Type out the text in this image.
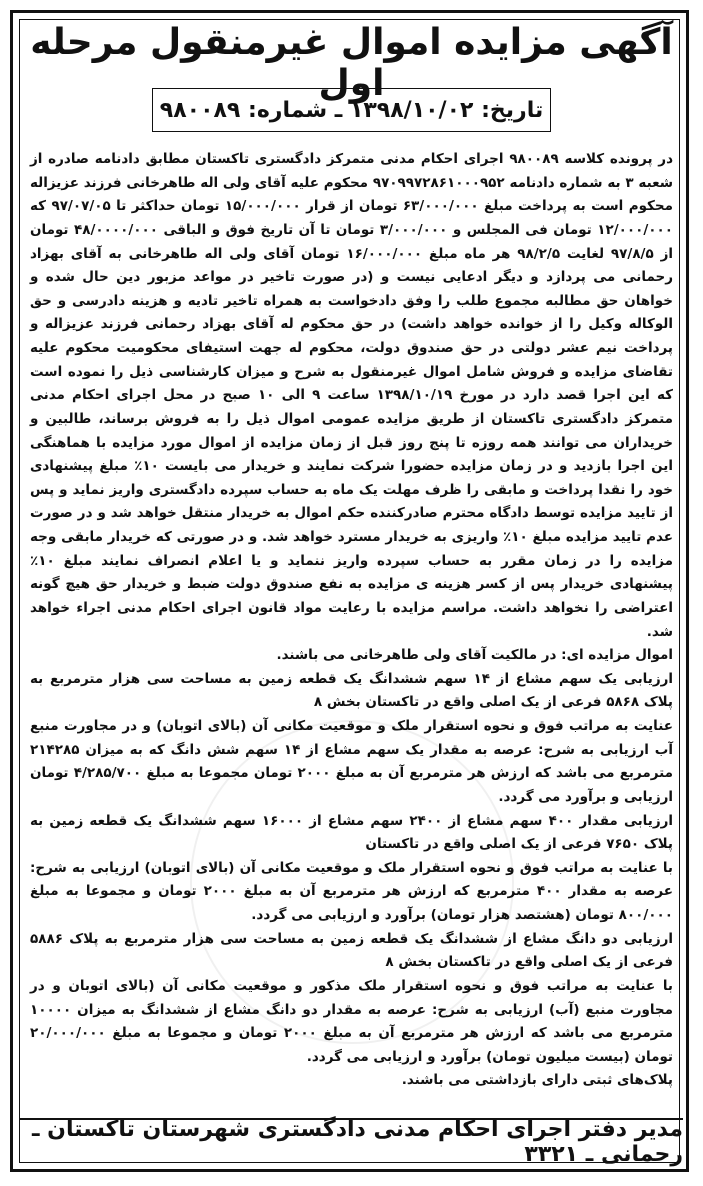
آگهی مزایده اموال غیرمنقول مرحله اول
تاریخ: ۱۳۹۸/۱۰/۰۲ ـ شماره: ۹۸۰۰۸۹

در پرونده کلاسه ۹۸۰۰۸۹ اجرای احکام مدنی متمرکز دادگستری تاکستان مطابق دادنامه صادره از شعبه ۳ به شماره دادنامه ۹۷۰۹۹۷۲۸۶۱۰۰۰۹۵۲ محکوم علیه آقای ولی اله طاهرخانی فرزند عزیزاله محکوم است به پرداخت مبلغ ۶۳/۰۰۰/۰۰۰ تومان از قرار ۱۵/۰۰۰/۰۰۰ تومان حداکثر تا ۹۷/۰۷/۰۵ که ۱۲/۰۰۰/۰۰۰ تومان فی المجلس و ۳/۰۰۰/۰۰۰ تومان تا آن تاریخ فوق و الباقی ۴۸/۰۰۰۰/۰۰۰ تومان از ۹۷/۸/۵ لغایت ۹۸/۲/۵ هر ماه مبلغ ۱۶/۰۰۰/۰۰۰ تومان آقای ولی اله طاهرخانی به آقای بهزاد رحمانی می پردازد و دیگر ادعایی نیست و (در صورت تاخیر در مواعد مزبور دین حال شده و خواهان حق مطالبه مجموع طلب را وفق دادخواست به همراه تاخیر تادیه و هزینه دادرسی و حق الوکاله وکیل را از خوانده خواهد داشت) در حق محکوم له آقای بهزاد رحمانی فرزند عزیزاله و پرداخت نیم عشر دولتی در حق صندوق دولت، محکوم له جهت استیفای محکومیت محکوم علیه تقاضای مزایده و فروش شامل اموال غیرمنقول به شرح و میزان کارشناسی ذیل را نموده است که این اجرا قصد دارد در مورخ ۱۳۹۸/۱۰/۱۹ ساعت ۹ الی ۱۰ صبح در محل اجرای احکام مدنی متمرکز دادگستری تاکستان از طریق مزایده عمومی اموال ذیل را به فروش برساند، طالبین و خریداران می توانند همه روزه تا پنج روز قبل از زمان مزایده از اموال مورد مزایده با هماهنگی این اجرا بازدید و در زمان مزایده حضورا شرکت نمایند و خریدار می بایست ۱۰٪ مبلغ پیشنهادی خود را نقدا پرداخت و مابقی را ظرف مهلت یک ماه به حساب سپرده دادگستری واریز نماید و پس از تایید مزایده توسط دادگاه محترم صادرکننده حکم اموال به خریدار منتقل خواهد شد و در صورت عدم تایید مزایده مبلغ ۱۰٪ واریزی به خریدار مسترد خواهد شد. و در صورتی که خریدار مابقی وجه مزایده را در زمان مقرر به حساب سپرده واریز ننماید و یا اعلام انصراف نمایند مبلغ ۱۰٪ پیشنهادی خریدار پس از کسر هزینه ی مزایده به نفع صندوق دولت ضبط و خریدار حق هیچ گونه اعتراضی را نخواهد داشت. مراسم مزایده با رعایت مواد قانون اجرای احکام مدنی اجراء خواهد شد.

اموال مزایده ای: در مالکیت آقای ولی طاهرخانی می باشند.

ارزیابی یک سهم مشاع از ۱۴ سهم ششدانگ یک قطعه زمین به مساحت سی هزار مترمربع به پلاک ۵۸۶۸ فرعی از یک اصلی واقع در تاکستان بخش ۸

عنایت به مراتب فوق و نحوه استقرار ملک و موقعیت مکانی آن (بالای اتوبان) و در مجاورت منبع آب ارزیابی به شرح: عرصه به مقدار یک سهم مشاع از ۱۴ سهم شش دانگ که به میزان ۲۱۴۲۸۵ مترمربع می باشد که ارزش هر مترمربع آن به مبلغ ۲۰۰۰ تومان مجموعا به مبلغ ۴/۲۸۵/۷۰۰ تومان ارزیابی و برآورد می گردد.

ارزیابی مقدار ۴۰۰ سهم مشاع از ۲۴۰۰ سهم مشاع از ۱۶۰۰۰ سهم ششدانگ یک قطعه زمین به پلاک ۷۶۵۰ فرعی از یک اصلی واقع در تاکستان

با عنایت به مراتب فوق و نحوه استقرار ملک و موقعیت مکانی آن (بالای اتوبان) ارزیابی به شرح: عرصه به مقدار ۴۰۰ مترمربع که ارزش هر مترمربع آن به مبلغ ۲۰۰۰ تومان و مجموعا به مبلغ ۸۰۰/۰۰۰ تومان (هشتصد هزار تومان) برآورد و ارزیابی می گردد.

ارزیابی دو دانگ مشاع از ششدانگ یک قطعه زمین به مساحت سی هزار مترمربع به پلاک ۵۸۸۶ فرعی از یک اصلی واقع در تاکستان بخش ۸

با عنایت به مراتب فوق و نحوه استقرار ملک مذکور و موقعیت مکانی آن (بالای اتوبان و در مجاورت منبع (آب) ارزیابی به شرح: عرصه به مقدار دو دانگ مشاع از ششدانگ به میزان ۱۰۰۰۰ مترمربع می باشد که ارزش هر مترمربع آن به مبلغ ۲۰۰۰ تومان و مجموعا به مبلغ ۲۰/۰۰۰/۰۰۰ تومان (بیست میلیون تومان) برآورد و ارزیابی می گردد.

پلاک‌های ثبتی دارای بازداشتی می باشند.

مدیر دفتر اجرای احکام مدنی دادگستری شهرستان تاکستان ـ رحمانی ـ ۳۳۲۱
